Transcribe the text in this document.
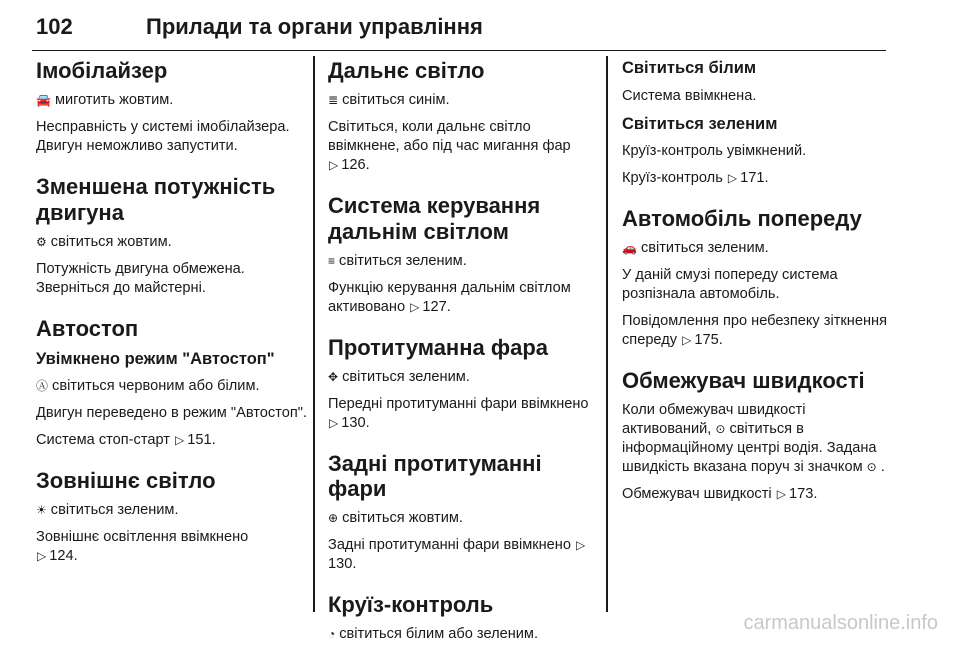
102	Прилади та органи управління
Імобілайзер

🚘 миготить жовтим.

Несправність у системі імобілайзера. Двигун неможливо запустити.

Зменшена потужність двигуна

⚙ світиться жовтим.

Потужність двигуна обмежена. Зверніться до майстерні.

Автостоп
Увімкнено режим "Автостоп"

Ⓐ світиться червоним або білим.

Двигун переведено в режим "Автостоп".

Система стоп-старт ▷ 151.

Зовнішнє світло

☀ світиться зеленим.

Зовнішнє освітлення ввімкнено
▷ 124.

Дальнє світло

≣ світиться синім.

Світиться, коли дальнє світло ввімкнене, або під час мигання фар
▷ 126.

Система керування дальнім світлом

≡ світиться зеленим.

Функцію керування дальнім світлом активовано ▷ 127.

Протитуманна фара

✥ світиться зеленим.

Передні протитуманні фари ввімкнено ▷ 130.

Задні протитуманні фари

⊕ світиться жовтим.

Задні протитуманні фари ввімкнено ▷130.

Круїз-контроль

◔ світиться білим або зеленим.

Світиться білим

Система ввімкнена.

Світиться зеленим

Круїз-контроль увімкнений.

Круїз-контроль ▷ 171.

Автомобіль попереду

🚗 світиться зеленим.

У даній смузі попереду система розпізнала автомобіль.

Повідомлення про небезпеку зіткнення спереду ▷ 175.

Обмежувач швидкості

Коли обмежувач швидкості активований, ⊙ світиться в інформаційному центрі водія. Задана швидкість вказана поруч зі значком ⊙ .

Обмежувач швидкості ▷ 173.

carmanualsonline.info
